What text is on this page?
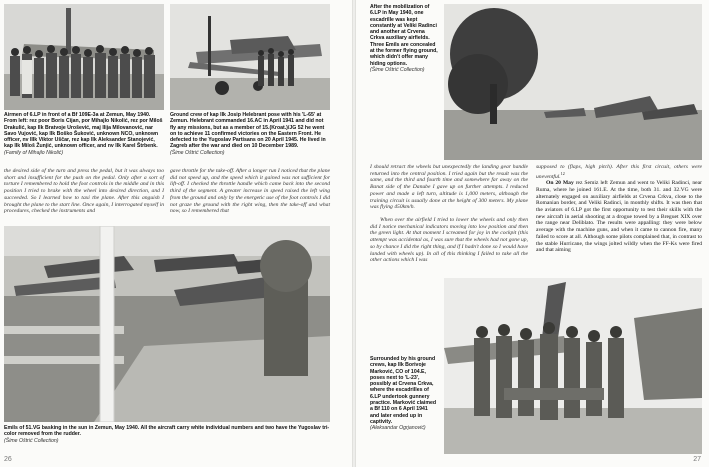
Airmen of 6.LP in front of a Bf 109E-3a at Zemun, May 1940. From left: rez poor Boris Cijan, por Mihajlo Nikolić, rez por Miloš Drakulić, kap IIk Bratvoje Urošević, maj IIija Milovanović, nar Savo Vujović, kap IIk Boško Šuković, unknown NCO, unknown officer, nv IIIk Viktor Uščar, rez kap IIk Aleksander Stanojević, kap IIk Miloš Žunjić, unknown officer, and nv IIk Karel Štrbenk.
(Family of Mihajlo Nikolić)
Ground crew of kap IIk Josip Helebrant pose with his 'L-65' at Zemun. Helebrant commanded 16.AC in April 1941 and did not fly any missions, but as a member of 15.(Kroat.)/JG 52 he went on to achieve 11 confirmed victories on the Eastern Front. He defected to the Yugoslav Partisans on 20 April 1945. He lived in Zagreb after the war and died on 10 December 1989.
(Šime Oštrić Collection)

the desired side of the turn and press the pedal, but it was always too short and insufficient for the push on the pedal. Only after a sort of torture I remembered to hold the foot controls in the middle and in this position I tried to brake with the wheel into desired direction, and I succeeded. So I learned how to taxi the plane. After this anguish I brought the plane to the start line. Once again, I interrogated myself in procedures, checked the instruments and

gave throttle for the take-off. After a longer run I noticed that the plane did not speed up, and the speed which it gained was not sufficient for lift-off. I checked the throttle handle which came back into the second third of the segment. A greater increase in speed raised the left wing from the ground and only by the energetic use of the foot controls I did not graze the ground with the right wing, then the take-off and what now, so I remembered that

Emils of 51.VG basking in the sun in Zemun, May 1940. All the aircraft carry white individual numbers and two have the Yugoslav tri-color removed from the rudder.
(Šime Oštrić Collection)
26
After the mobilization of 6.LP in May 1940, one escadrille was kept constantly at Veliki Radinci and another at Crvena Crkva auxiliary airfields. Three Emils are concealed at the former flying ground, which didn't offer many hiding options.
(Šime Oštrić Collection)

I should retract the wheels but unexpectedly the landing gear handle returned into the central position. I tried again but the result was the same, and the third and fourth time and somewhere far away on the Banat side of the Danube I gave up on further attempts. I reduced power and made a left turn, altitude is 1,000 meters, although the training circuit is usually done at the height of 300 meters. My plane was flying 450km/h.

When over the airfield I tried to lower the wheels and only then did I notice mechanical indicators moving into low position and then the green light. At that moment I screamed for joy in the cockpit (this attempt was accidental as, I was sure that the wheels had not gone up, so by chance I did the right thing, and if I hadn't done so I would have landed with wheels up). In all of this thinking I failed to take all the other actions which I was

supposed to (flaps, high pitch). After this first circuit, others were uneventful.$^{12}$
On 20 May rez Semiz left Zemun and went to Veliki Radinci, near Ruma, where he joined 161.E. At the time, both 31. and 32.VG were alternately engaged on auxiliary airfields at Crvena Crkva, close to the Romanian border, and Veliki Radinci, in monthly shifts. It was then that the aviators of 6.LP got the first opportunity to test their skills with the new aircraft in aerial shooting at a drogue towed by a Breguet XIX over the range near Deliblato. The results were appalling: they were below average with the machine guns, and when it came to cannon fire, many failed to score at all. Although some pilots complained that, in contrast to the stable Hurricane, the wings jolted wildly when the FF-Ks were fired and that aiming
Surrounded by his ground crews, kap IIk Borivoje Marković, CO of 104.E, poses next to 'L-23', possibly at Crvena Crkva, where the escadrilles of 6.LP undertook gunnery practice. Marković claimed a Bf 110 on 6 April 1941 and later ended up in captivity.
(Aleksandar Ogrjanović)
27
